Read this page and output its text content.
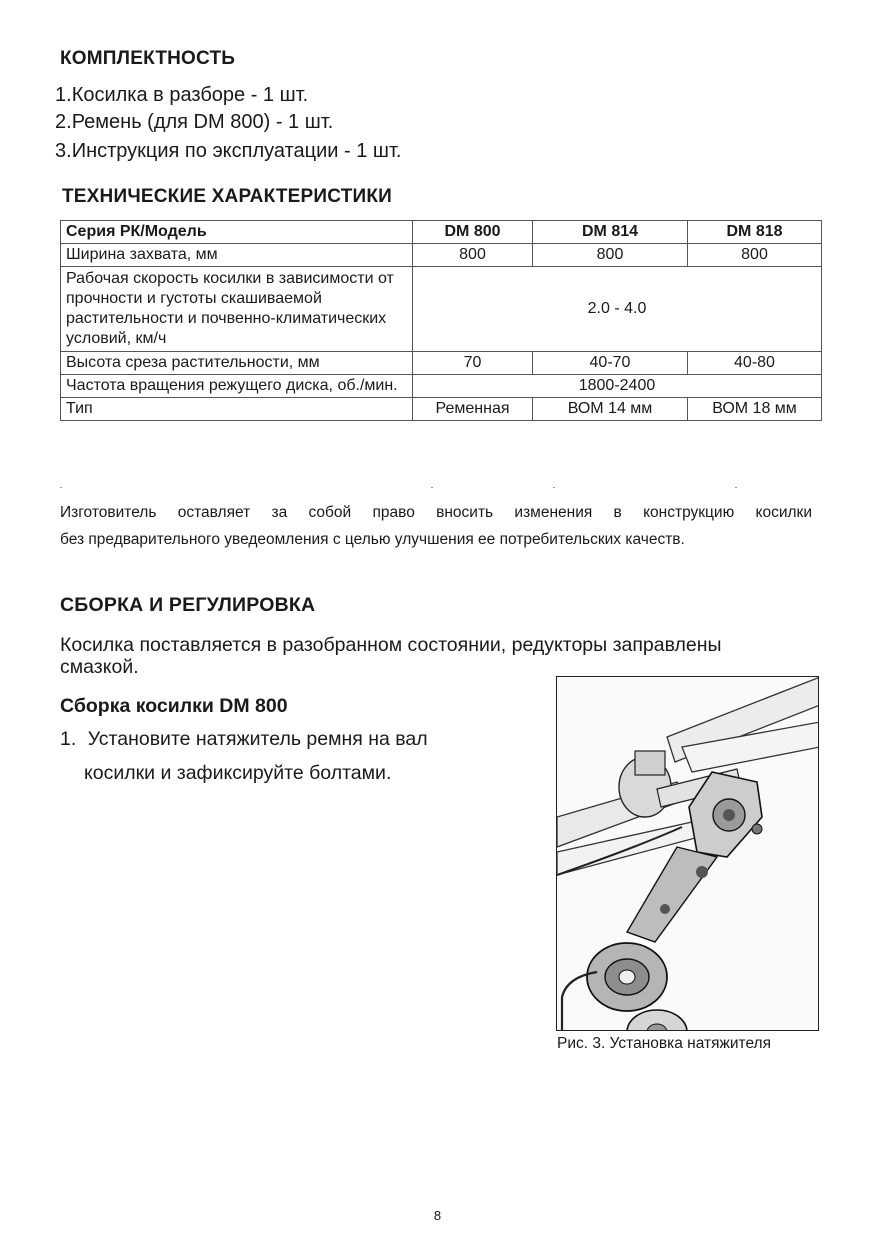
КОМПЛЕКТНОСТЬ
1.Косилка в разборе - 1 шт.
2.Ремень (для DM 800) - 1 шт.
3.Инструкция по эксплуатации - 1 шт.
ТЕХНИЧЕСКИЕ ХАРАКТЕРИСТИКИ
Серия РК/Модель	DM 800	DM 814	DM 818
Ширина захвата, мм	800	800	800
Рабочая скорость косилки в зависимости от прочности и густоты скашиваемой растительности и почвенно-климатических условий, км/ч	2.0 - 4.0		
Высота среза растительности, мм	70	40-70	40-80
Частота вращения режущего диска, об./мин.	1800-2400		
Тип	Ременная	ВОМ 14 мм	ВОМ 18 мм
Изготовитель оставляет за собой право вносить изменения в конструкцию косилки
без предварительного уведеомления с целью улучшения ее потребительских качеств.
СБОРКА И РЕГУЛИРОВКА
Косилка поставляется в разобранном состоянии, редукторы заправлены
смазкой.
Сборка косилки DM 800
1. Установите натяжитель ремня на вал
косилки и зафиксируйте болтами.
Рис. 3. Установка натяжителя
8
